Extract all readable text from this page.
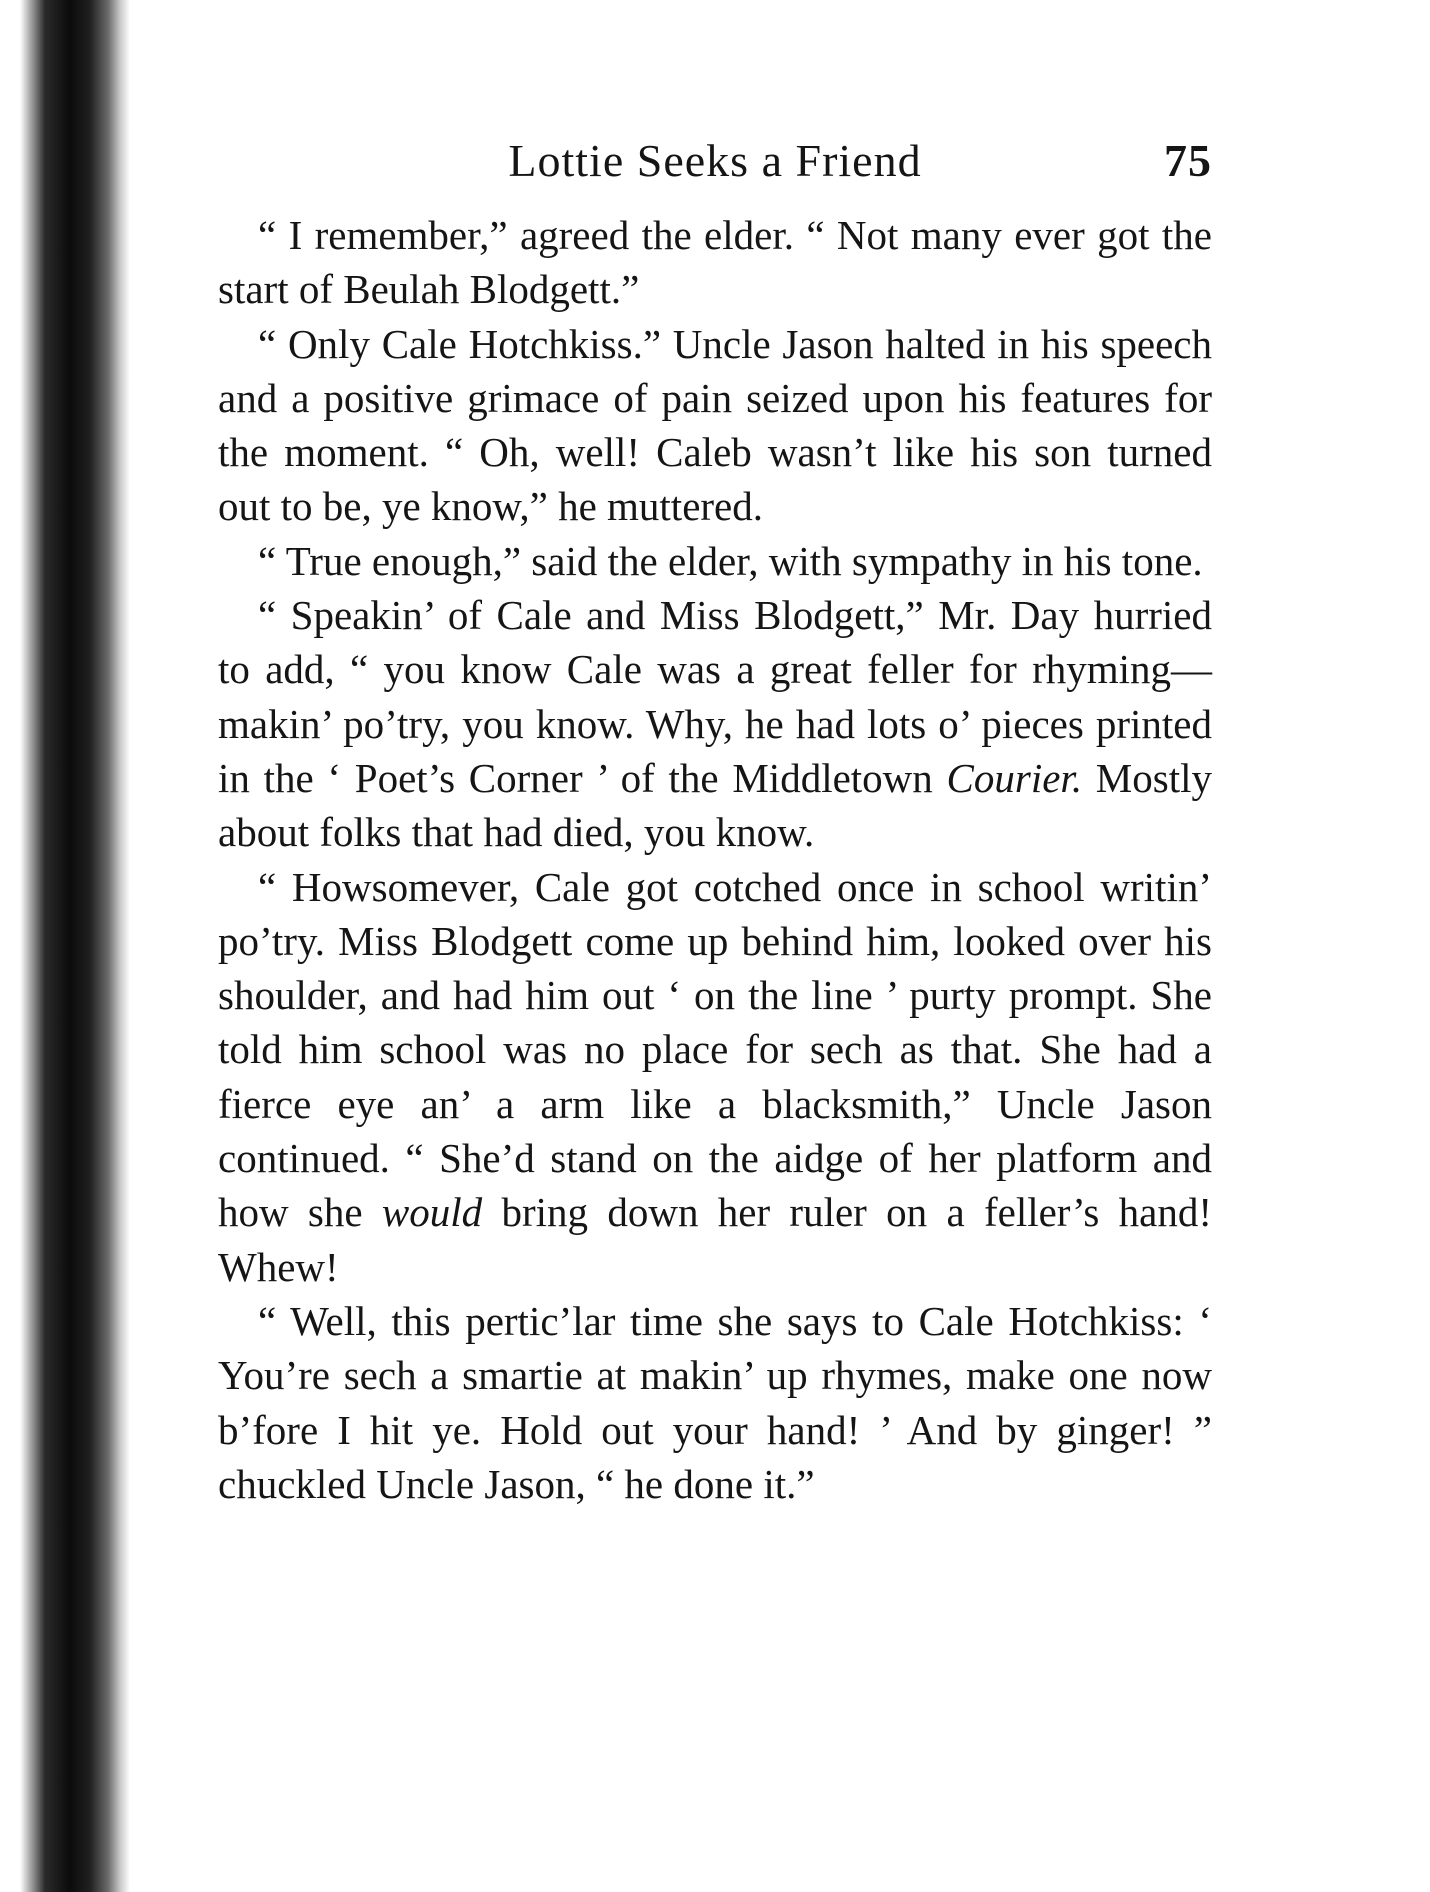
Lottie Seeks a Friend	75

“ I remember,” agreed the elder. “ Not many ever got the start of Beulah Blodgett.”

“ Only Cale Hotchkiss.” Uncle Jason halted in his speech and a positive grimace of pain seized upon his features for the moment. “ Oh, well! Caleb wasn’t like his son turned out to be, ye know,” he muttered.

“ True enough,” said the elder, with sympathy in his tone.

“ Speakin’ of Cale and Miss Blodgett,” Mr. Day hurried to add, “ you know Cale was a great feller for rhyming—makin’ po’try, you know. Why, he had lots o’ pieces printed in the ‘ Poet’s Corner ’ of the Middletown Courier. Mostly about folks that had died, you know.

“ Howsomever, Cale got cotched once in school writin’ po’try. Miss Blodgett come up behind him, looked over his shoulder, and had him out ‘ on the line ’ purty prompt. She told him school was no place for sech as that. She had a fierce eye an’ a arm like a blacksmith,” Uncle Jason continued. “ She’d stand on the aidge of her platform and how she would bring down her ruler on a feller’s hand! Whew!

“ Well, this pertic’lar time she says to Cale Hotchkiss: ‘ You’re sech a smartie at makin’ up rhymes, make one now b’fore I hit ye. Hold out your hand! ’ And by ginger! ” chuckled Uncle Jason, “ he done it.”
